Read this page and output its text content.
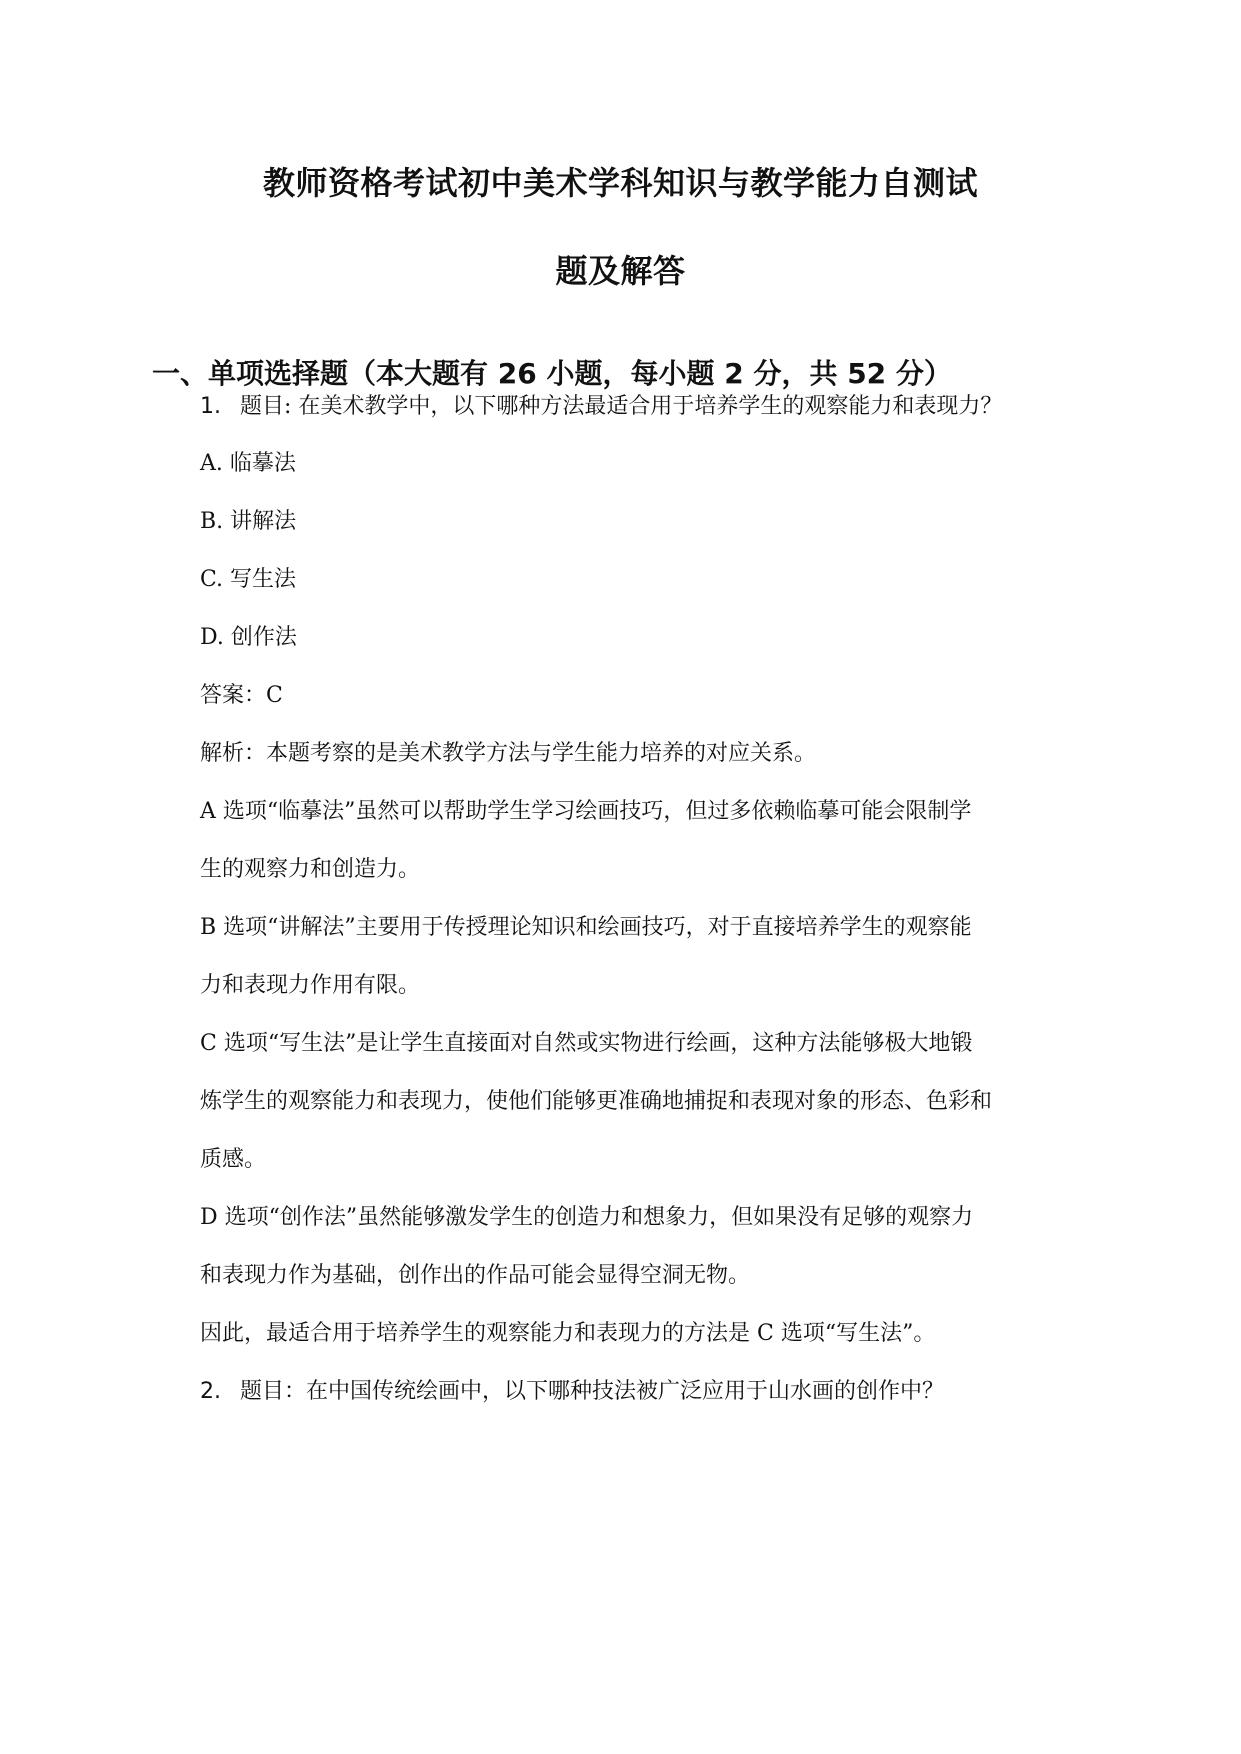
教师资格考试初中美术学科知识与教学能力自测试
题及解答
一、单项选择题（本大题有 26 小题，每小题 2 分，共 52 分）
1. 题目: 在美术教学中，以下哪种方法最适合用于培养学生的观察能力和表现力？
A. 临摹法
B. 讲解法
C. 写生法
D. 创作法
答案：C
解析：本题考察的是美术教学方法与学生能力培养的对应关系。
A 选项“临摹法”虽然可以帮助学生学习绘画技巧，但过多依赖临摹可能会限制学
生的观察力和创造力。
B 选项“讲解法”主要用于传授理论知识和绘画技巧，对于直接培养学生的观察能
力和表现力作用有限。
C 选项“写生法”是让学生直接面对自然或实物进行绘画，这种方法能够极大地锻
炼学生的观察能力和表现力，使他们能够更准确地捕捉和表现对象的形态、色彩和
质感。
D 选项“创作法”虽然能够激发学生的创造力和想象力，但如果没有足够的观察力
和表现力作为基础，创作出的作品可能会显得空洞无物。
因此，最适合用于培养学生的观察能力和表现力的方法是 C 选项“写生法”。
2. 题目：在中国传统绘画中，以下哪种技法被广泛应用于山水画的创作中？
